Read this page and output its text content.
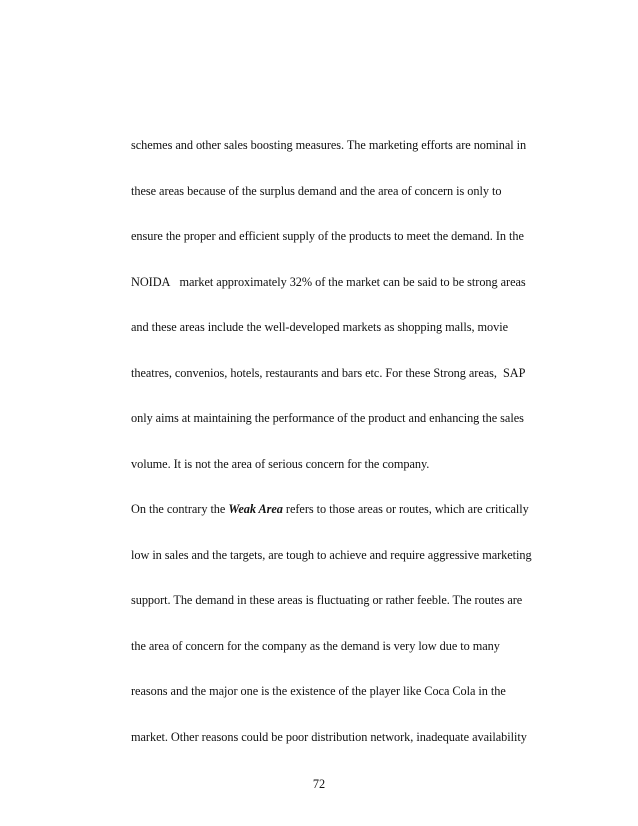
schemes and other sales boosting measures. The marketing efforts are nominal in
these areas because of the surplus demand and the area of concern is only to
ensure the proper and efficient supply of the products to meet the demand. In the
NOIDA   market approximately 32% of the market can be said to be strong areas
and these areas include the well-developed markets as shopping malls, movie
theatres, convenios, hotels, restaurants and bars etc. For these Strong areas,  SAP
only aims at maintaining the performance of the product and enhancing the sales
volume. It is not the area of serious concern for the company.
On the contrary the Weak Area refers to those areas or routes, which are critically
low in sales and the targets, are tough to achieve and require aggressive marketing
support. The demand in these areas is fluctuating or rather feeble. The routes are
the area of concern for the company as the demand is very low due to many
reasons and the major one is the existence of the player like Coca Cola in the
market. Other reasons could be poor distribution network, inadequate availability
72
